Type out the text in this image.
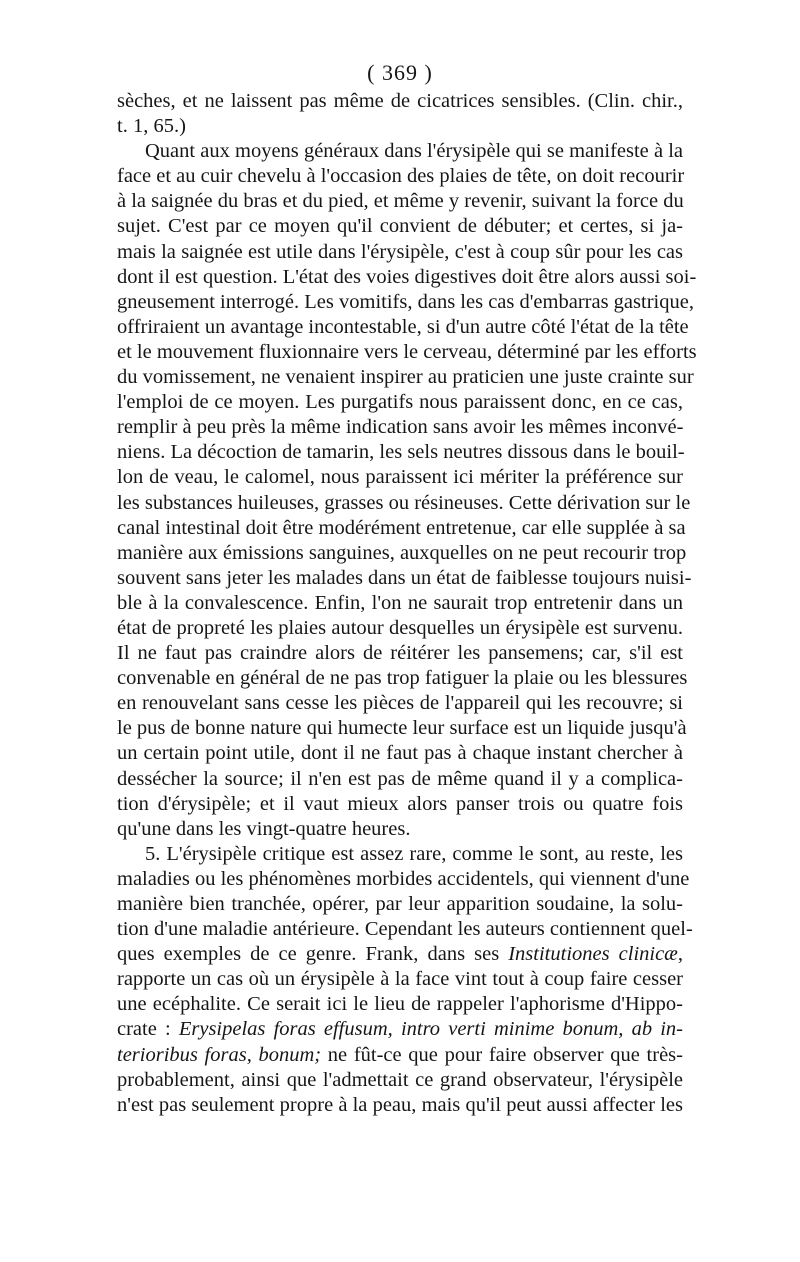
( 369 )
sèches, et ne laissent pas même de cicatrices sensibles. (Clin. chir.,
t. 1, 65.)
Quant aux moyens généraux dans l'érysipèle qui se manifeste à la
face et au cuir chevelu à l'occasion des plaies de tête, on doit recourir
à la saignée du bras et du pied, et même y revenir, suivant la force du
sujet. C'est par ce moyen qu'il convient de débuter; et certes, si ja-
mais la saignée est utile dans l'érysipèle, c'est à coup sûr pour les cas
dont il est question. L'état des voies digestives doit être alors aussi soi-
gneusement interrogé. Les vomitifs, dans les cas d'embarras gastrique,
offriraient un avantage incontestable, si d'un autre côté l'état de la tête
et le mouvement fluxionnaire vers le cerveau, déterminé par les efforts
du vomissement, ne venaient inspirer au praticien une juste crainte sur
l'emploi de ce moyen. Les purgatifs nous paraissent donc, en ce cas,
remplir à peu près la même indication sans avoir les mêmes inconvé-
niens. La décoction de tamarin, les sels neutres dissous dans le bouil-
lon de veau, le calomel, nous paraissent ici mériter la préférence sur
les substances huileuses, grasses ou résineuses. Cette dérivation sur le
canal intestinal doit être modérément entretenue, car elle supplée à sa
manière aux émissions sanguines, auxquelles on ne peut recourir trop
souvent sans jeter les malades dans un état de faiblesse toujours nuisi-
ble à la convalescence. Enfin, l'on ne saurait trop entretenir dans un
état de propreté les plaies autour desquelles un érysipèle est survenu.
Il ne faut pas craindre alors de réitérer les pansemens; car, s'il est
convenable en général de ne pas trop fatiguer la plaie ou les blessures
en renouvelant sans cesse les pièces de l'appareil qui les recouvre; si
le pus de bonne nature qui humecte leur surface est un liquide jusqu'à
un certain point utile, dont il ne faut pas à chaque instant chercher à
dessécher la source; il n'en est pas de même quand il y a complica-
tion d'érysipèle; et il vaut mieux alors panser trois ou quatre fois
qu'une dans les vingt-quatre heures.
5. L'érysipèle critique est assez rare, comme le sont, au reste, les
maladies ou les phénomènes morbides accidentels, qui viennent d'une
manière bien tranchée, opérer, par leur apparition soudaine, la solu-
tion d'une maladie antérieure. Cependant les auteurs contiennent quel-
ques exemples de ce genre. Frank, dans ses Institutiones clinicæ,
rapporte un cas où un érysipèle à la face vint tout à coup faire cesser
une ecéphalite. Ce serait ici le lieu de rappeler l'aphorisme d'Hippo-
crate : Erysipelas foras effusum, intro verti minime bonum, ab in-
terioribus foras, bonum; ne fût-ce que pour faire observer que très-
probablement, ainsi que l'admettait ce grand observateur, l'érysipèle
n'est pas seulement propre à la peau, mais qu'il peut aussi affecter les
